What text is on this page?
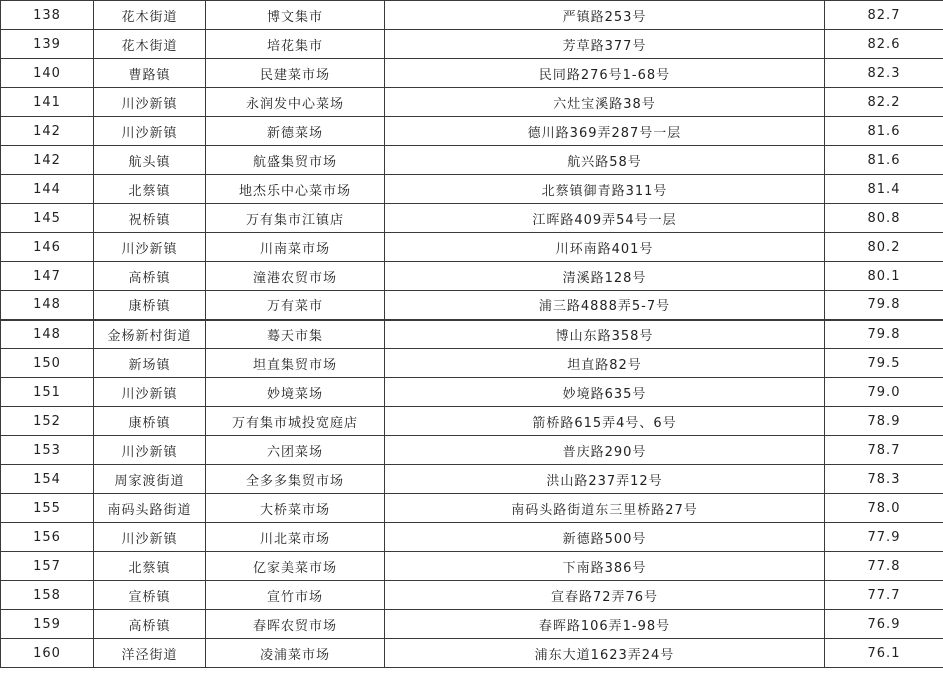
138	花木街道	博文集市	严镇路253号	82.7
139	花木街道	培花集市	芳草路377号	82.6
140	曹路镇	民建菜市场	民同路276号1-68号	82.3
141	川沙新镇	永润发中心菜场	六灶宝溪路38号	82.2
142	川沙新镇	新德菜场	德川路369弄287号一层	81.6
142	航头镇	航盛集贸市场	航兴路58号	81.6
144	北蔡镇	地杰乐中心菜市场	北蔡镇御青路311号	81.4
145	祝桥镇	万有集市江镇店	江晖路409弄54号一层	80.8
146	川沙新镇	川南菜市场	川环南路401号	80.2
147	高桥镇	潼港农贸市场	清溪路128号	80.1
148	康桥镇	万有菜市	浦三路4888弄5-7号	79.8
148	金杨新村街道	蓦天市集	博山东路358号	79.8
150	新场镇	坦直集贸市场	坦直路82号	79.5
151	川沙新镇	妙境菜场	妙境路635号	79.0
152	康桥镇	万有集市城投宽庭店	箭桥路615弄4号、6号	78.9
153	川沙新镇	六团菜场	普庆路290号	78.7
154	周家渡街道	全多多集贸市场	洪山路237弄12号	78.3
155	南码头路街道	大桥菜市场	南码头路街道东三里桥路27号	78.0
156	川沙新镇	川北菜市场	新德路500号	77.9
157	北蔡镇	亿家美菜市场	下南路386号	77.8
158	宣桥镇	宣竹市场	宣春路72弄76号	77.7
159	高桥镇	春晖农贸市场	春晖路106弄1-98号	76.9
160	洋泾街道	凌浦菜市场	浦东大道1623弄24号	76.1
